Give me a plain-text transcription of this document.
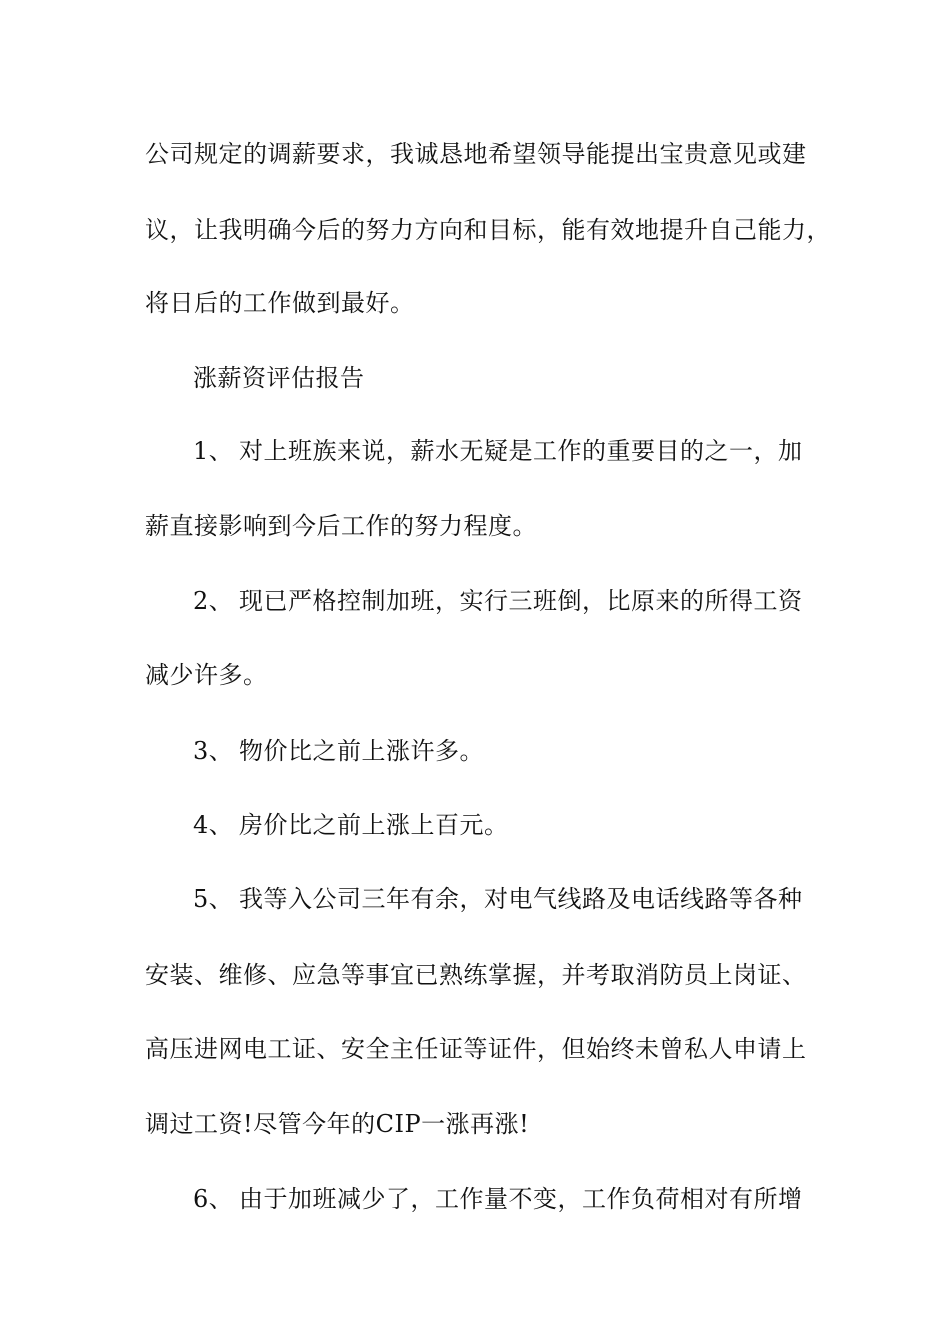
公司规定的调薪要求，我诚恳地希望领导能提出宝贵意见或建
议，让我明确今后的努力方向和目标，能有效地提升自己能力，
将日后的工作做到最好。
涨薪资评估报告
1、 对上班族来说，薪水无疑是工作的重要目的之一，加
薪直接影响到今后工作的努力程度。
2、 现已严格控制加班，实行三班倒，比原来的所得工资
减少许多。
3、 物价比之前上涨许多。
4、 房价比之前上涨上百元。
5、 我等入公司三年有余，对电气线路及电话线路等各种
安装、维修、应急等事宜已熟练掌握，并考取消防员上岗证、
高压进网电工证、安全主任证等证件，但始终未曾私人申请上
调过工资!尽管今年的CIP一涨再涨!
6、 由于加班减少了，工作量不变，工作负荷相对有所增
